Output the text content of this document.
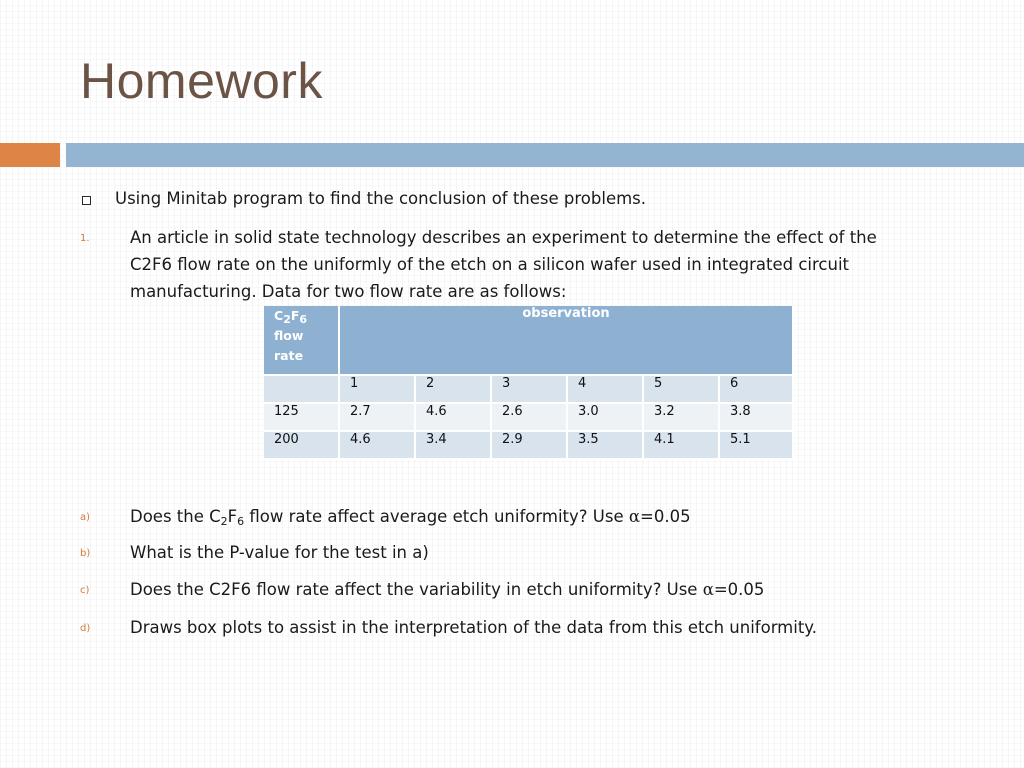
Homework
Using Minitab program to find the conclusion of these problems.
1. An article in solid state technology describes an experiment to determine the effect of the
C2F6 flow rate on the uniformly of the etch on a silicon wafer used in integrated circuit
manufacturing. Data for two flow rate are as follows:
$C_2F_6$
flow
rate	observation					
	1	2	3	4	5	6
125	2.7	4.6	2.6	3.0	3.2	3.8
200	4.6	3.4	2.9	3.5	4.1	5.1
a) Does the $C_2F_6$ flow rate affect average etch uniformity? Use α=0.05
b) What is the P-value for the test in a)
c) Does the C2F6 flow rate affect the variability in etch uniformity? Use α=0.05
d) Draws box plots to assist in the interpretation of the data from this etch uniformity.
